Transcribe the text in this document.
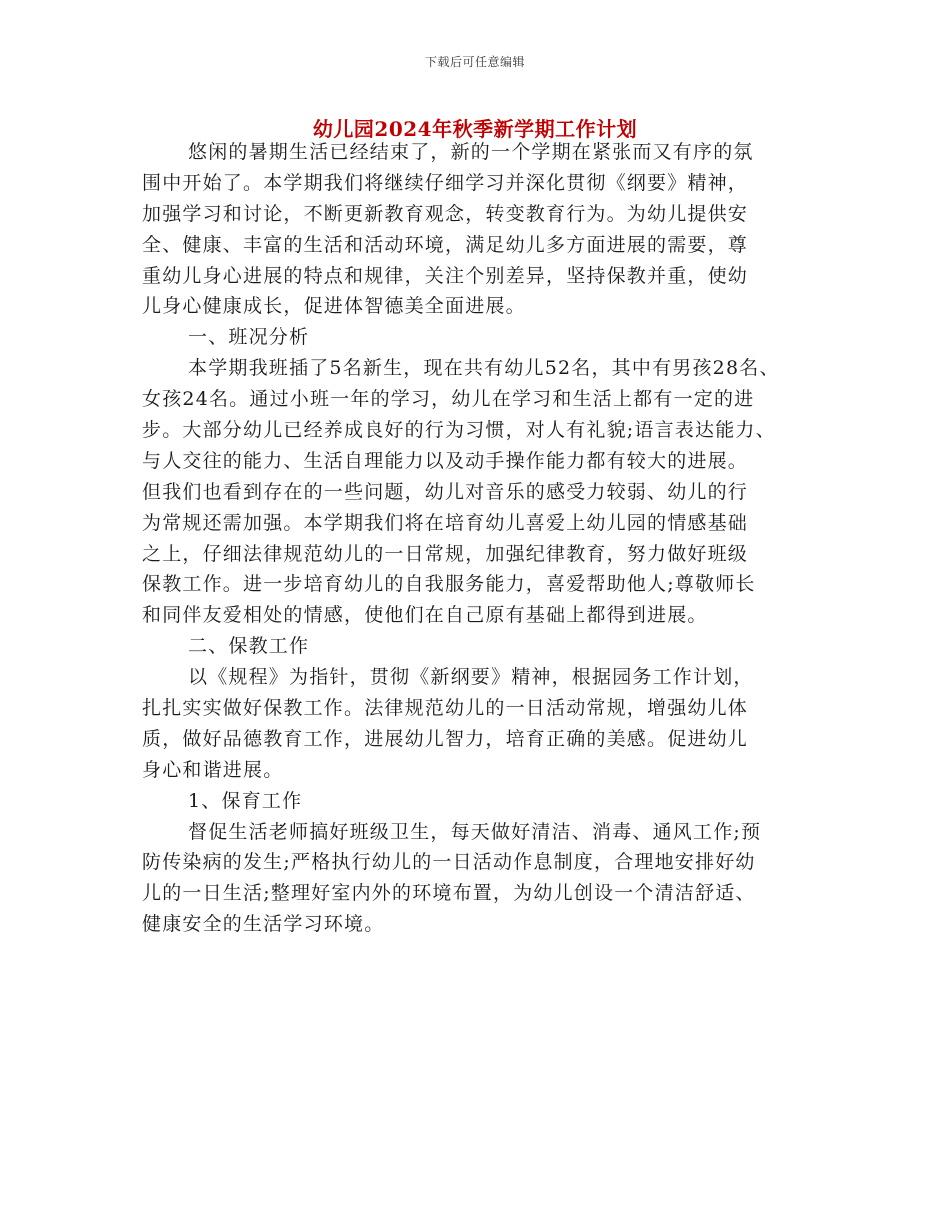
下载后可任意编辑
幼儿园2024年秋季新学期工作计划
悠闲的暑期生活已经结束了，新的一个学期在紧张而又有序的氛
围中开始了。本学期我们将继续仔细学习并深化贯彻《纲要》精神，
加强学习和讨论，不断更新教育观念，转变教育行为。为幼儿提供安
全、健康、丰富的生活和活动环境，满足幼儿多方面进展的需要，尊
重幼儿身心进展的特点和规律，关注个别差异，坚持保教并重，使幼
儿身心健康成长，促进体智德美全面进展。
一、班况分析
本学期我班插了5名新生，现在共有幼儿52名，其中有男孩28名、
女孩24名。通过小班一年的学习，幼儿在学习和生活上都有一定的进
步。大部分幼儿已经养成良好的行为习惯，对人有礼貌;语言表达能力、
与人交往的能力、生活自理能力以及动手操作能力都有较大的进展。
但我们也看到存在的一些问题，幼儿对音乐的感受力较弱、幼儿的行
为常规还需加强。本学期我们将在培育幼儿喜爱上幼儿园的情感基础
之上，仔细法律规范幼儿的一日常规，加强纪律教育，努力做好班级
保教工作。进一步培育幼儿的自我服务能力，喜爱帮助他人;尊敬师长
和同伴友爱相处的情感，使他们在自己原有基础上都得到进展。
二、保教工作
以《规程》为指针，贯彻《新纲要》精神，根据园务工作计划，
扎扎实实做好保教工作。法律规范幼儿的一日活动常规，增强幼儿体
质，做好品德教育工作，进展幼儿智力，培育正确的美感。促进幼儿
身心和谐进展。
1、保育工作
督促生活老师搞好班级卫生，每天做好清洁、消毒、通风工作;预
防传染病的发生;严格执行幼儿的一日活动作息制度，合理地安排好幼
儿的一日生活;整理好室内外的环境布置，为幼儿创设一个清洁舒适、
健康安全的生活学习环境。
